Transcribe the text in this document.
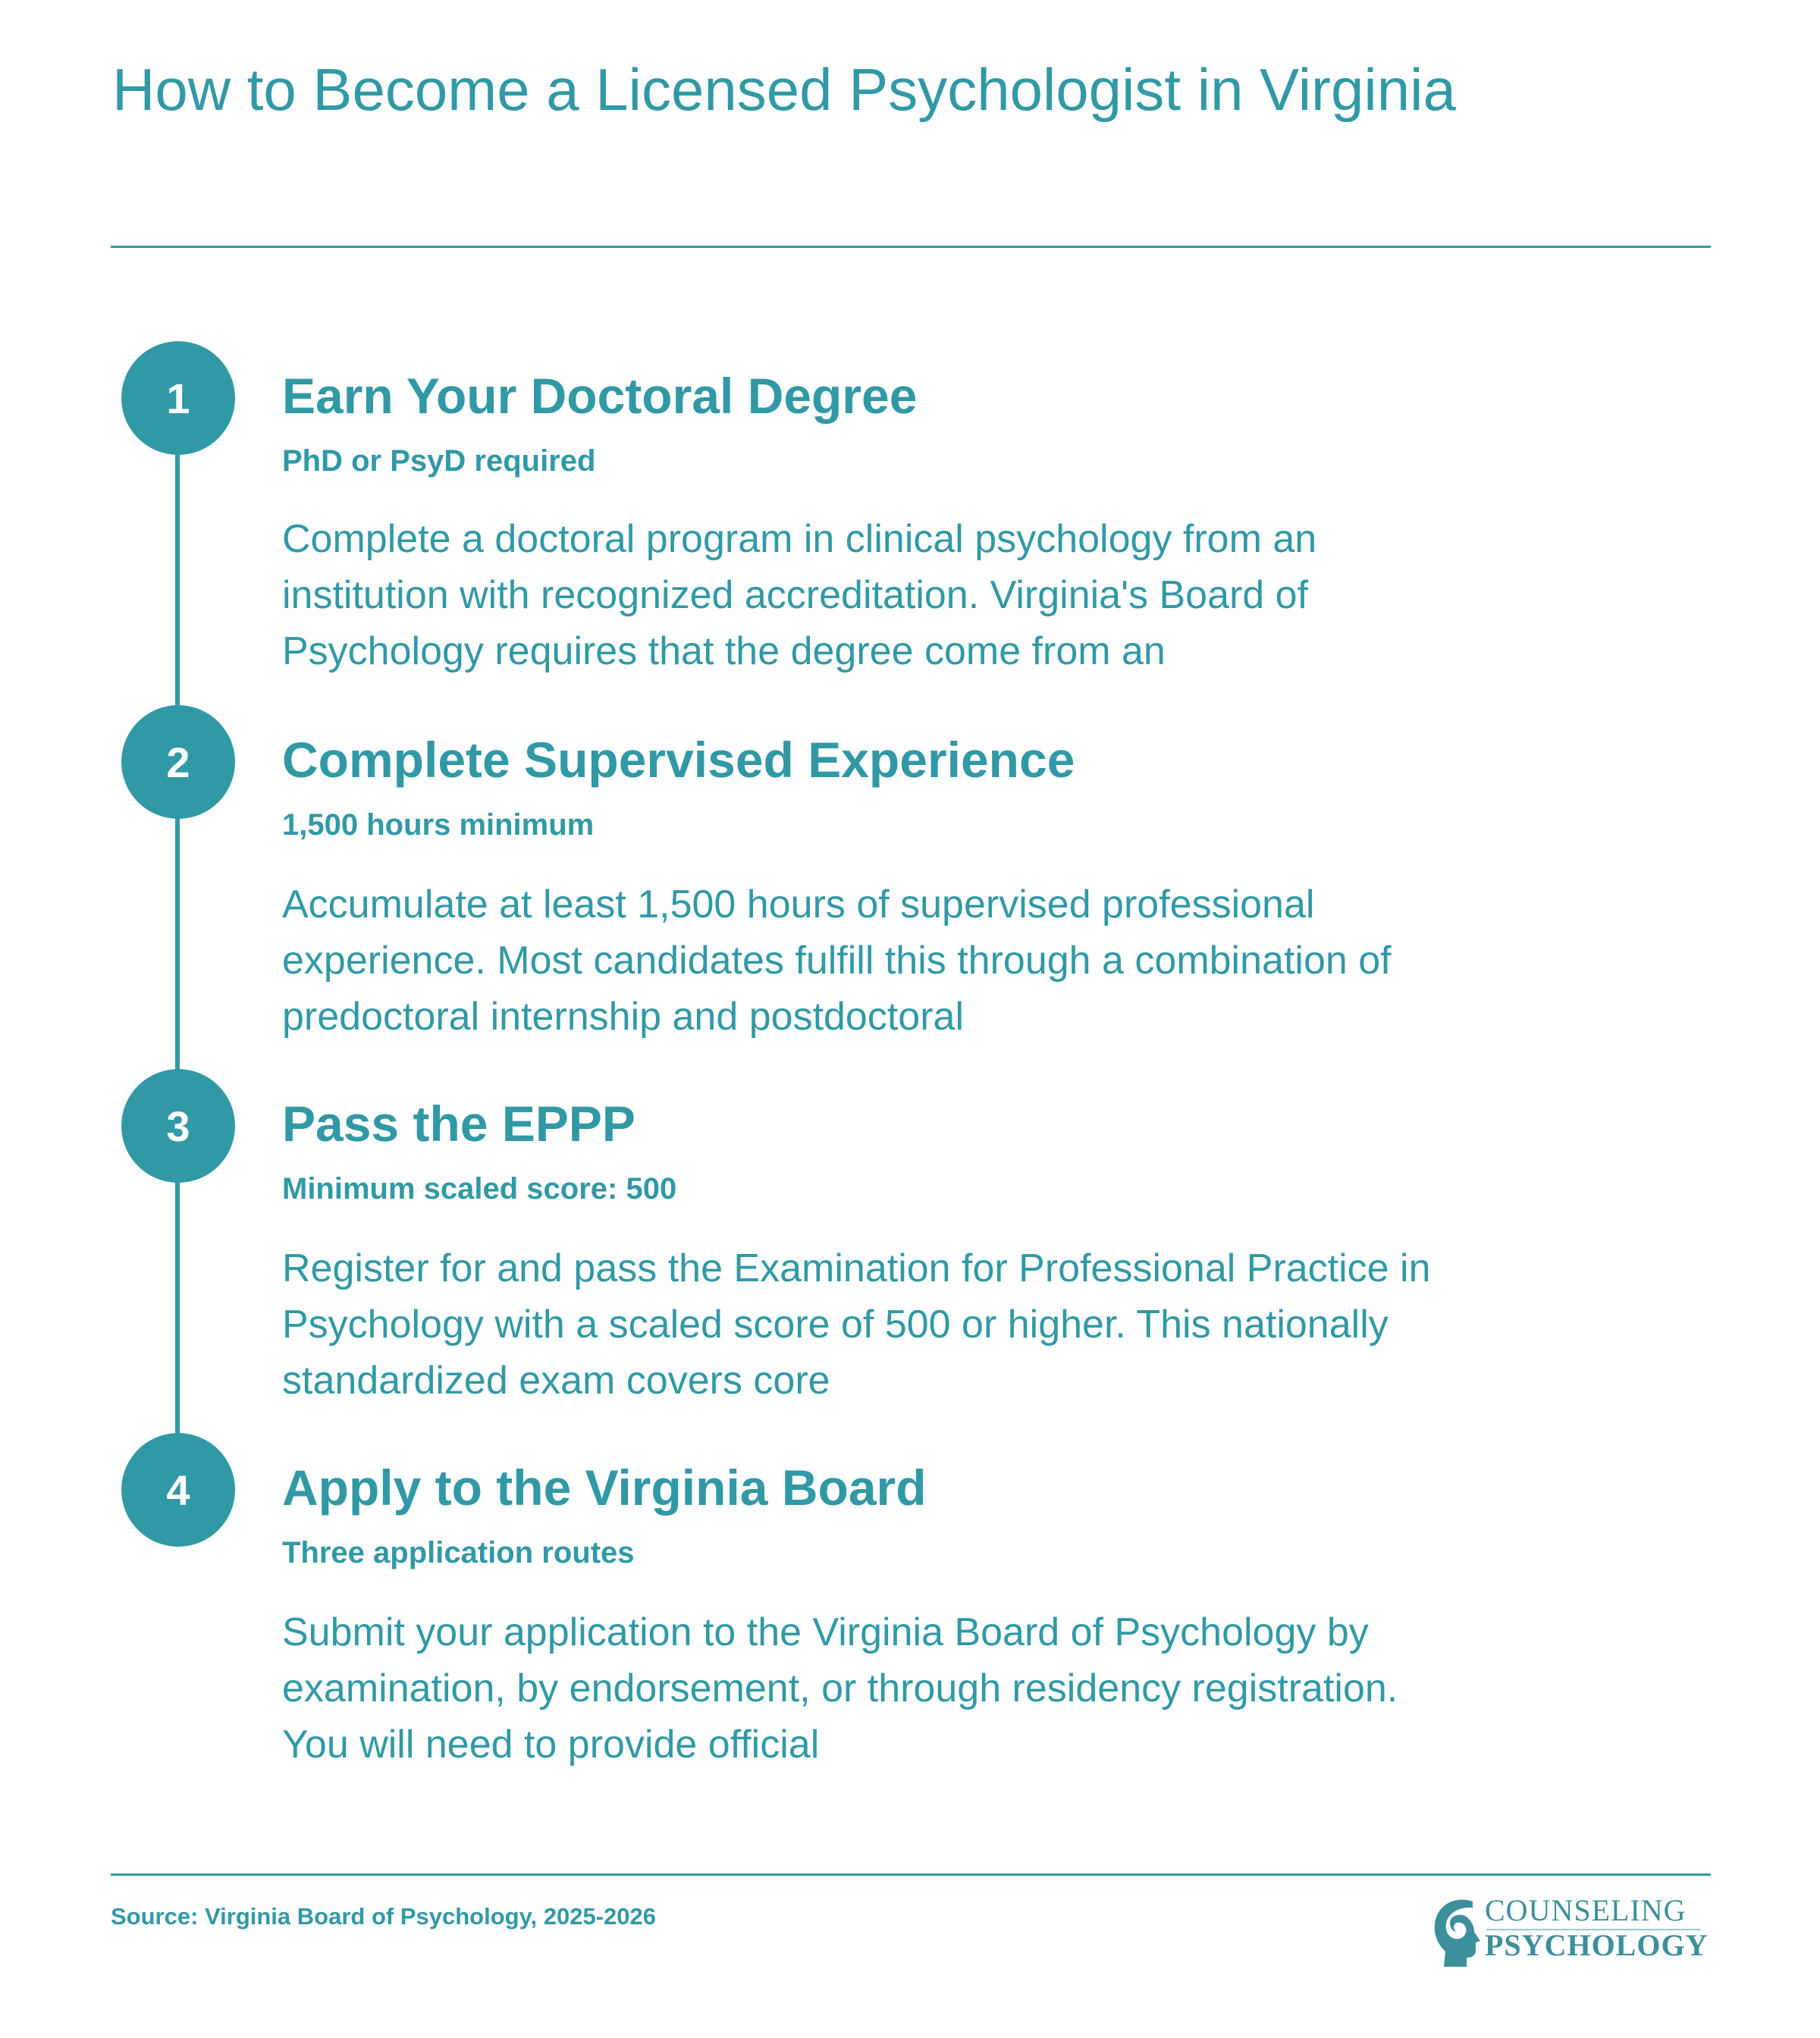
How to Become a Licensed Psychologist in Virginia
1	Earn Your Doctoral Degree

PhD or PsyD required

Complete a doctoral program in clinical psychology from an institution with recognized accreditation. Virginia's Board of Psychology requires that the degree come from an

2	Complete Supervised Experience

1,500 hours minimum

Accumulate at least 1,500 hours of supervised professional experience. Most candidates fulfill this through a combination of predoctoral internship and postdoctoral

3	Pass the EPPP

Minimum scaled score: 500

Register for and pass the Examination for Professional Practice in Psychology with a scaled score of 500 or higher. This nationally standardized exam covers core

4	Apply to the Virginia Board

Three application routes

Submit your application to the Virginia Board of Psychology by examination, by endorsement, or through residency registration. You will need to provide official

Source: Virginia Board of Psychology, 2025-2026	COUNSELING
PSYCHOLOGY
